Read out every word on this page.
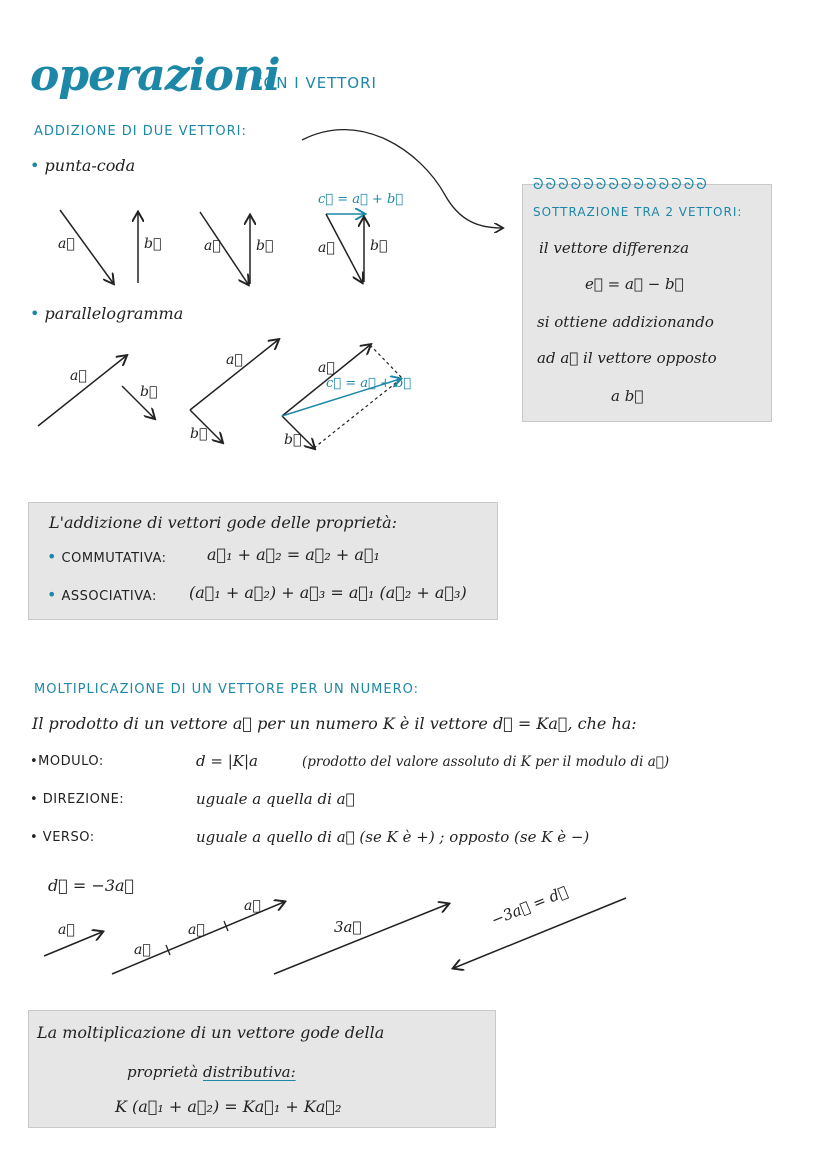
operazioni
CON I VETTORI
ADDIZIONE DI DUE VETTORI:
• punta-coda
• parallelogramma
a⃗	b⃗	a⃗	b⃗
c⃗ = a⃗ + b⃗
a⃗	b⃗
a⃗
b⃗
a⃗
b⃗
a⃗
c⃗ = a⃗ + b⃗
b⃗
ᘐᘐᘐᘐᘐᘐᘐᘐᘐᘐᘐᘐᘐᘐ
SOTTRAZIONE TRA 2 VETTORI:
il vettore differenza
e⃗ = a⃗ − b⃗
si ottiene addizionando
ad a⃗ il vettore opposto
a b⃗
L'addizione di vettori gode delle proprietà:
• COMMUTATIVA:	a⃗₁ + a⃗₂ = a⃗₂ + a⃗₁
• ASSOCIATIVA: (a⃗₁ + a⃗₂) + a⃗₃ = a⃗₁ (a⃗₂ + a⃗₃)
MOLTIPLICAZIONE DI UN VETTORE PER UN NUMERO:
Il prodotto di un vettore a⃗ per un numero K è il vettore d⃗ = Ka⃗, che ha:
•MODULO:	d = |K|a	(prodotto del valore assoluto di K per il modulo di a⃗)
• DIREZIONE:	uguale a quella di a⃗
• VERSO:	uguale a quello di a⃗ (se K è +) ; opposto (se K è −)
d⃗ = −3a⃗
a⃗
a⃗
a⃗
a⃗
3a⃗	−3a⃗ = d⃗
La moltiplicazione di un vettore gode della
proprietà distributiva:
K (a⃗₁ + a⃗₂) = Ka⃗₁ + Ka⃗₂
